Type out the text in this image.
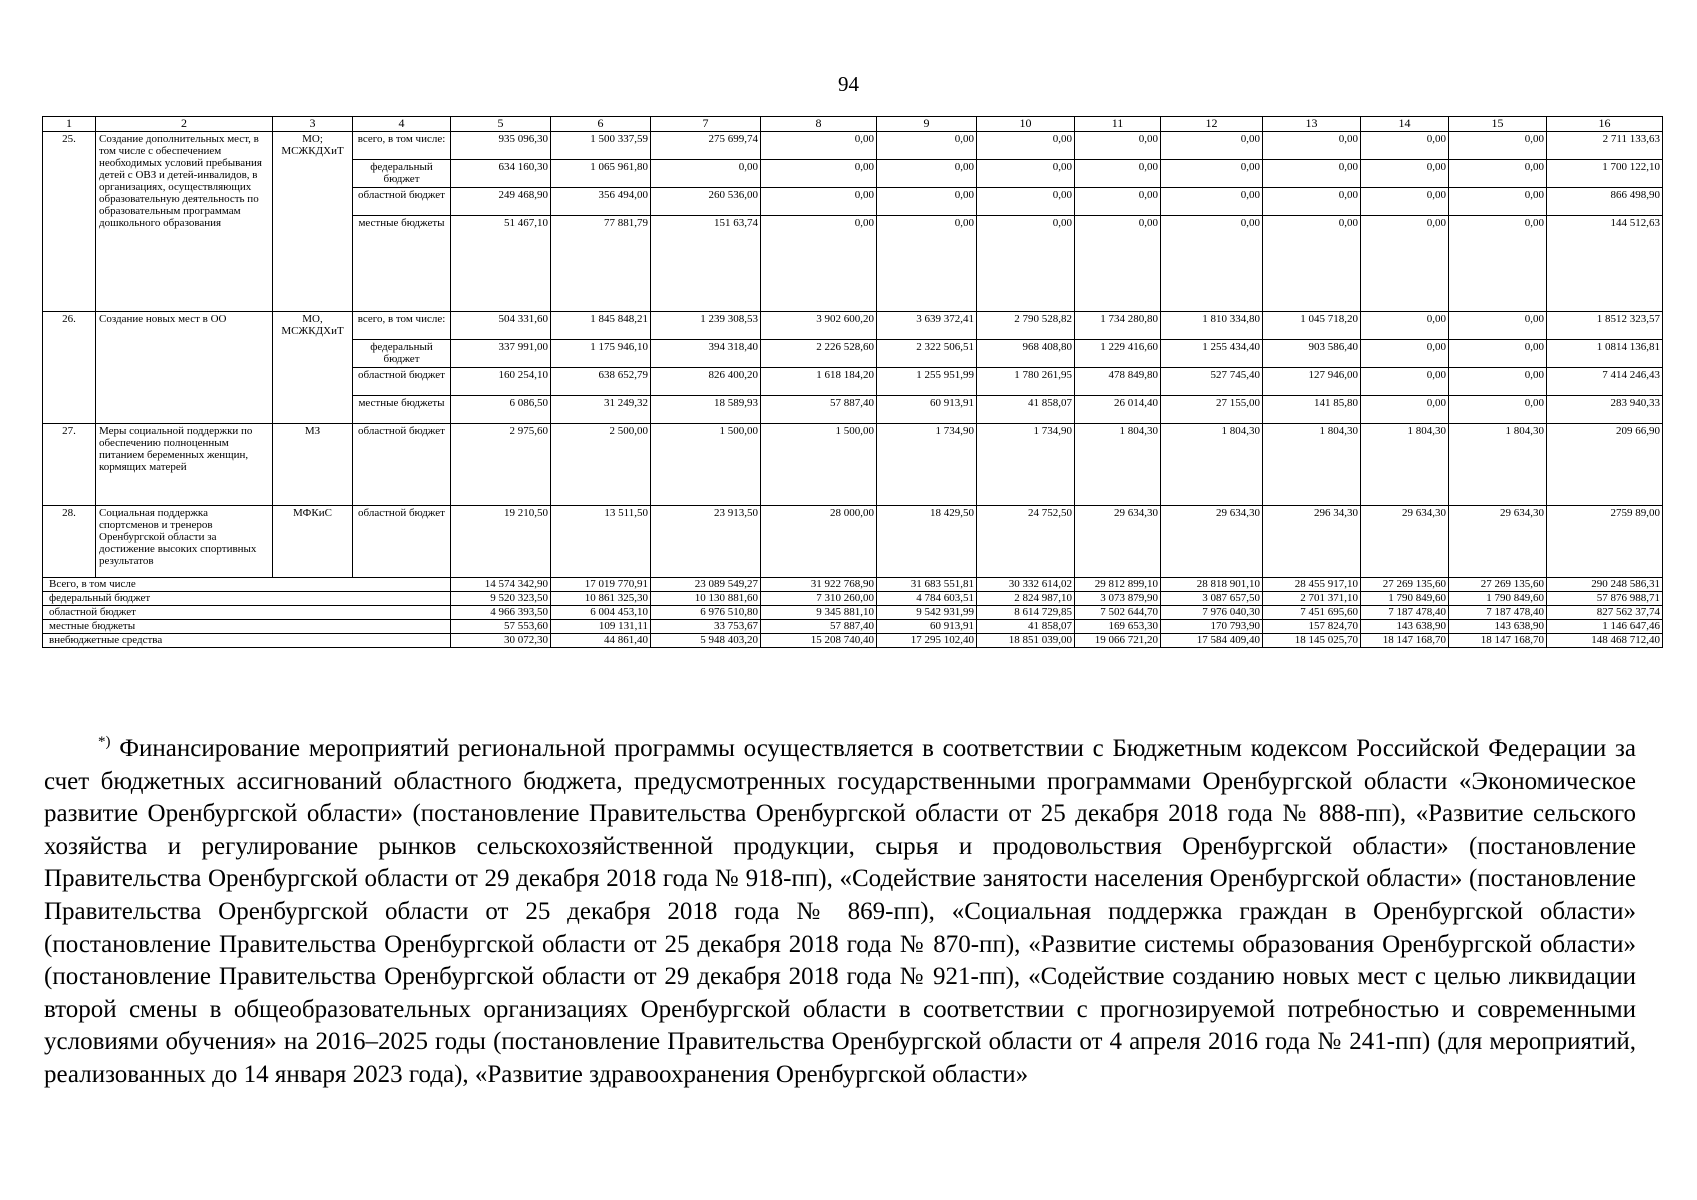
94
1	2	3	4	5	6	7	8	9	10	11	12	13	14	15	16
25.	Создание дополнительных мест, в том числе с обеспечением необходимых условий пребывания детей с ОВЗ и детей-инвалидов, в организациях, осуществляющих образовательную деятельность по образовательным программам дошкольного образования	МО; МСЖКДХиТ	всего, в том числе:	935 096,30	1 500 337,59	275 699,74	0,00	0,00	0,00	0,00	0,00	0,00	0,00	0,00	2 711 133,63
			федеральный бюджет	634 160,30	1 065 961,80	0,00	0,00	0,00	0,00	0,00	0,00	0,00	0,00	0,00	1 700 122,10
			областной бюджет	249 468,90	356 494,00	260 536,00	0,00	0,00	0,00	0,00	0,00	0,00	0,00	0,00	866 498,90
			местные бюджеты	51 467,10	77 881,79	151 63,74	0,00	0,00	0,00	0,00	0,00	0,00	0,00	0,00	144 512,63
26.	Создание новых мест в ОО	МО, МСЖКДХиТ	всего, в том числе:	504 331,60	1 845 848,21	1 239 308,53	3 902 600,20	3 639 372,41	2 790 528,82	1 734 280,80	1 810 334,80	1 045 718,20	0,00	0,00	1 8512 323,57
			федеральный бюджет	337 991,00	1 175 946,10	394 318,40	2 226 528,60	2 322 506,51	968 408,80	1 229 416,60	1 255 434,40	903 586,40	0,00	0,00	1 0814 136,81
			областной бюджет	160 254,10	638 652,79	826 400,20	1 618 184,20	1 255 951,99	1 780 261,95	478 849,80	527 745,40	127 946,00	0,00	0,00	7 414 246,43
			местные бюджеты	6 086,50	31 249,32	18 589,93	57 887,40	60 913,91	41 858,07	26 014,40	27 155,00	141 85,80	0,00	0,00	283 940,33
27.	Меры социальной поддержки по обеспечению полноценным питанием беременных женщин, кормящих матерей	МЗ	областной бюджет	2 975,60	2 500,00	1 500,00	1 500,00	1 734,90	1 734,90	1 804,30	1 804,30	1 804,30	1 804,30	1 804,30	209 66,90
28.	Социальная поддержка спортсменов и тренеров Оренбургской области за достижение высоких спортивных результатов	МФКиС	областной бюджет	19 210,50	13 511,50	23 913,50	28 000,00	18 429,50	24 752,50	29 634,30	29 634,30	296 34,30	29 634,30	29 634,30	2759 89,00
Всего, в том числе				14 574 342,90	17 019 770,91	23 089 549,27	31 922 768,90	31 683 551,81	30 332 614,02	29 812 899,10	28 818 901,10	28 455 917,10	27 269 135,60	27 269 135,60	290 248 586,31
федеральный бюджет				9 520 323,50	10 861 325,30	10 130 881,60	7 310 260,00	4 784 603,51	2 824 987,10	3 073 879,90	3 087 657,50	2 701 371,10	1 790 849,60	1 790 849,60	57 876 988,71
областной бюджет				4 966 393,50	6 004 453,10	6 976 510,80	9 345 881,10	9 542 931,99	8 614 729,85	7 502 644,70	7 976 040,30	7 451 695,60	7 187 478,40	7 187 478,40	827 562 37,74
местные бюджеты				57 553,60	109 131,11	33 753,67	57 887,40	60 913,91	41 858,07	169 653,30	170 793,90	157 824,70	143 638,90	143 638,90	1 146 647,46
внебюджетные средства				30 072,30	44 861,40	5 948 403,20	15 208 740,40	17 295 102,40	18 851 039,00	19 066 721,20	17 584 409,40	18 145 025,70	18 147 168,70	18 147 168,70	148 468 712,40
*) Финансирование мероприятий региональной программы осуществляется в соответствии с Бюджетным кодексом Российской Федерации за счет бюджетных ассигнований областного бюджета, предусмотренных государственными программами Оренбургской области «Экономическое развитие Оренбургской области» (постановление Правительства Оренбургской области от 25 декабря 2018 года № 888-пп), «Развитие сельского хозяйства и регулирование рынков сельскохозяйственной продукции, сырья и продовольствия Оренбургской области» (постановление Правительства Оренбургской области от 29 декабря 2018 года № 918-пп), «Содействие занятости населения Оренбургской области» (постановление Правительства Оренбургской области от 25 декабря 2018 года № 869-пп), «Социальная поддержка граждан в Оренбургской области» (постановление Правительства Оренбургской области от 25 декабря 2018 года № 870-пп), «Развитие системы образования Оренбургской области» (постановление Правительства Оренбургской области от 29 декабря 2018 года № 921-пп), «Содействие созданию новых мест с целью ликвидации второй смены в общеобразовательных организациях Оренбургской области в соответствии с прогнозируемой потребностью и современными условиями обучения» на 2016–2025 годы (постановление Правительства Оренбургской области от 4 апреля 2016 года № 241-пп) (для мероприятий, реализованных до 14 января 2023 года), «Развитие здравоохранения Оренбургской области»
